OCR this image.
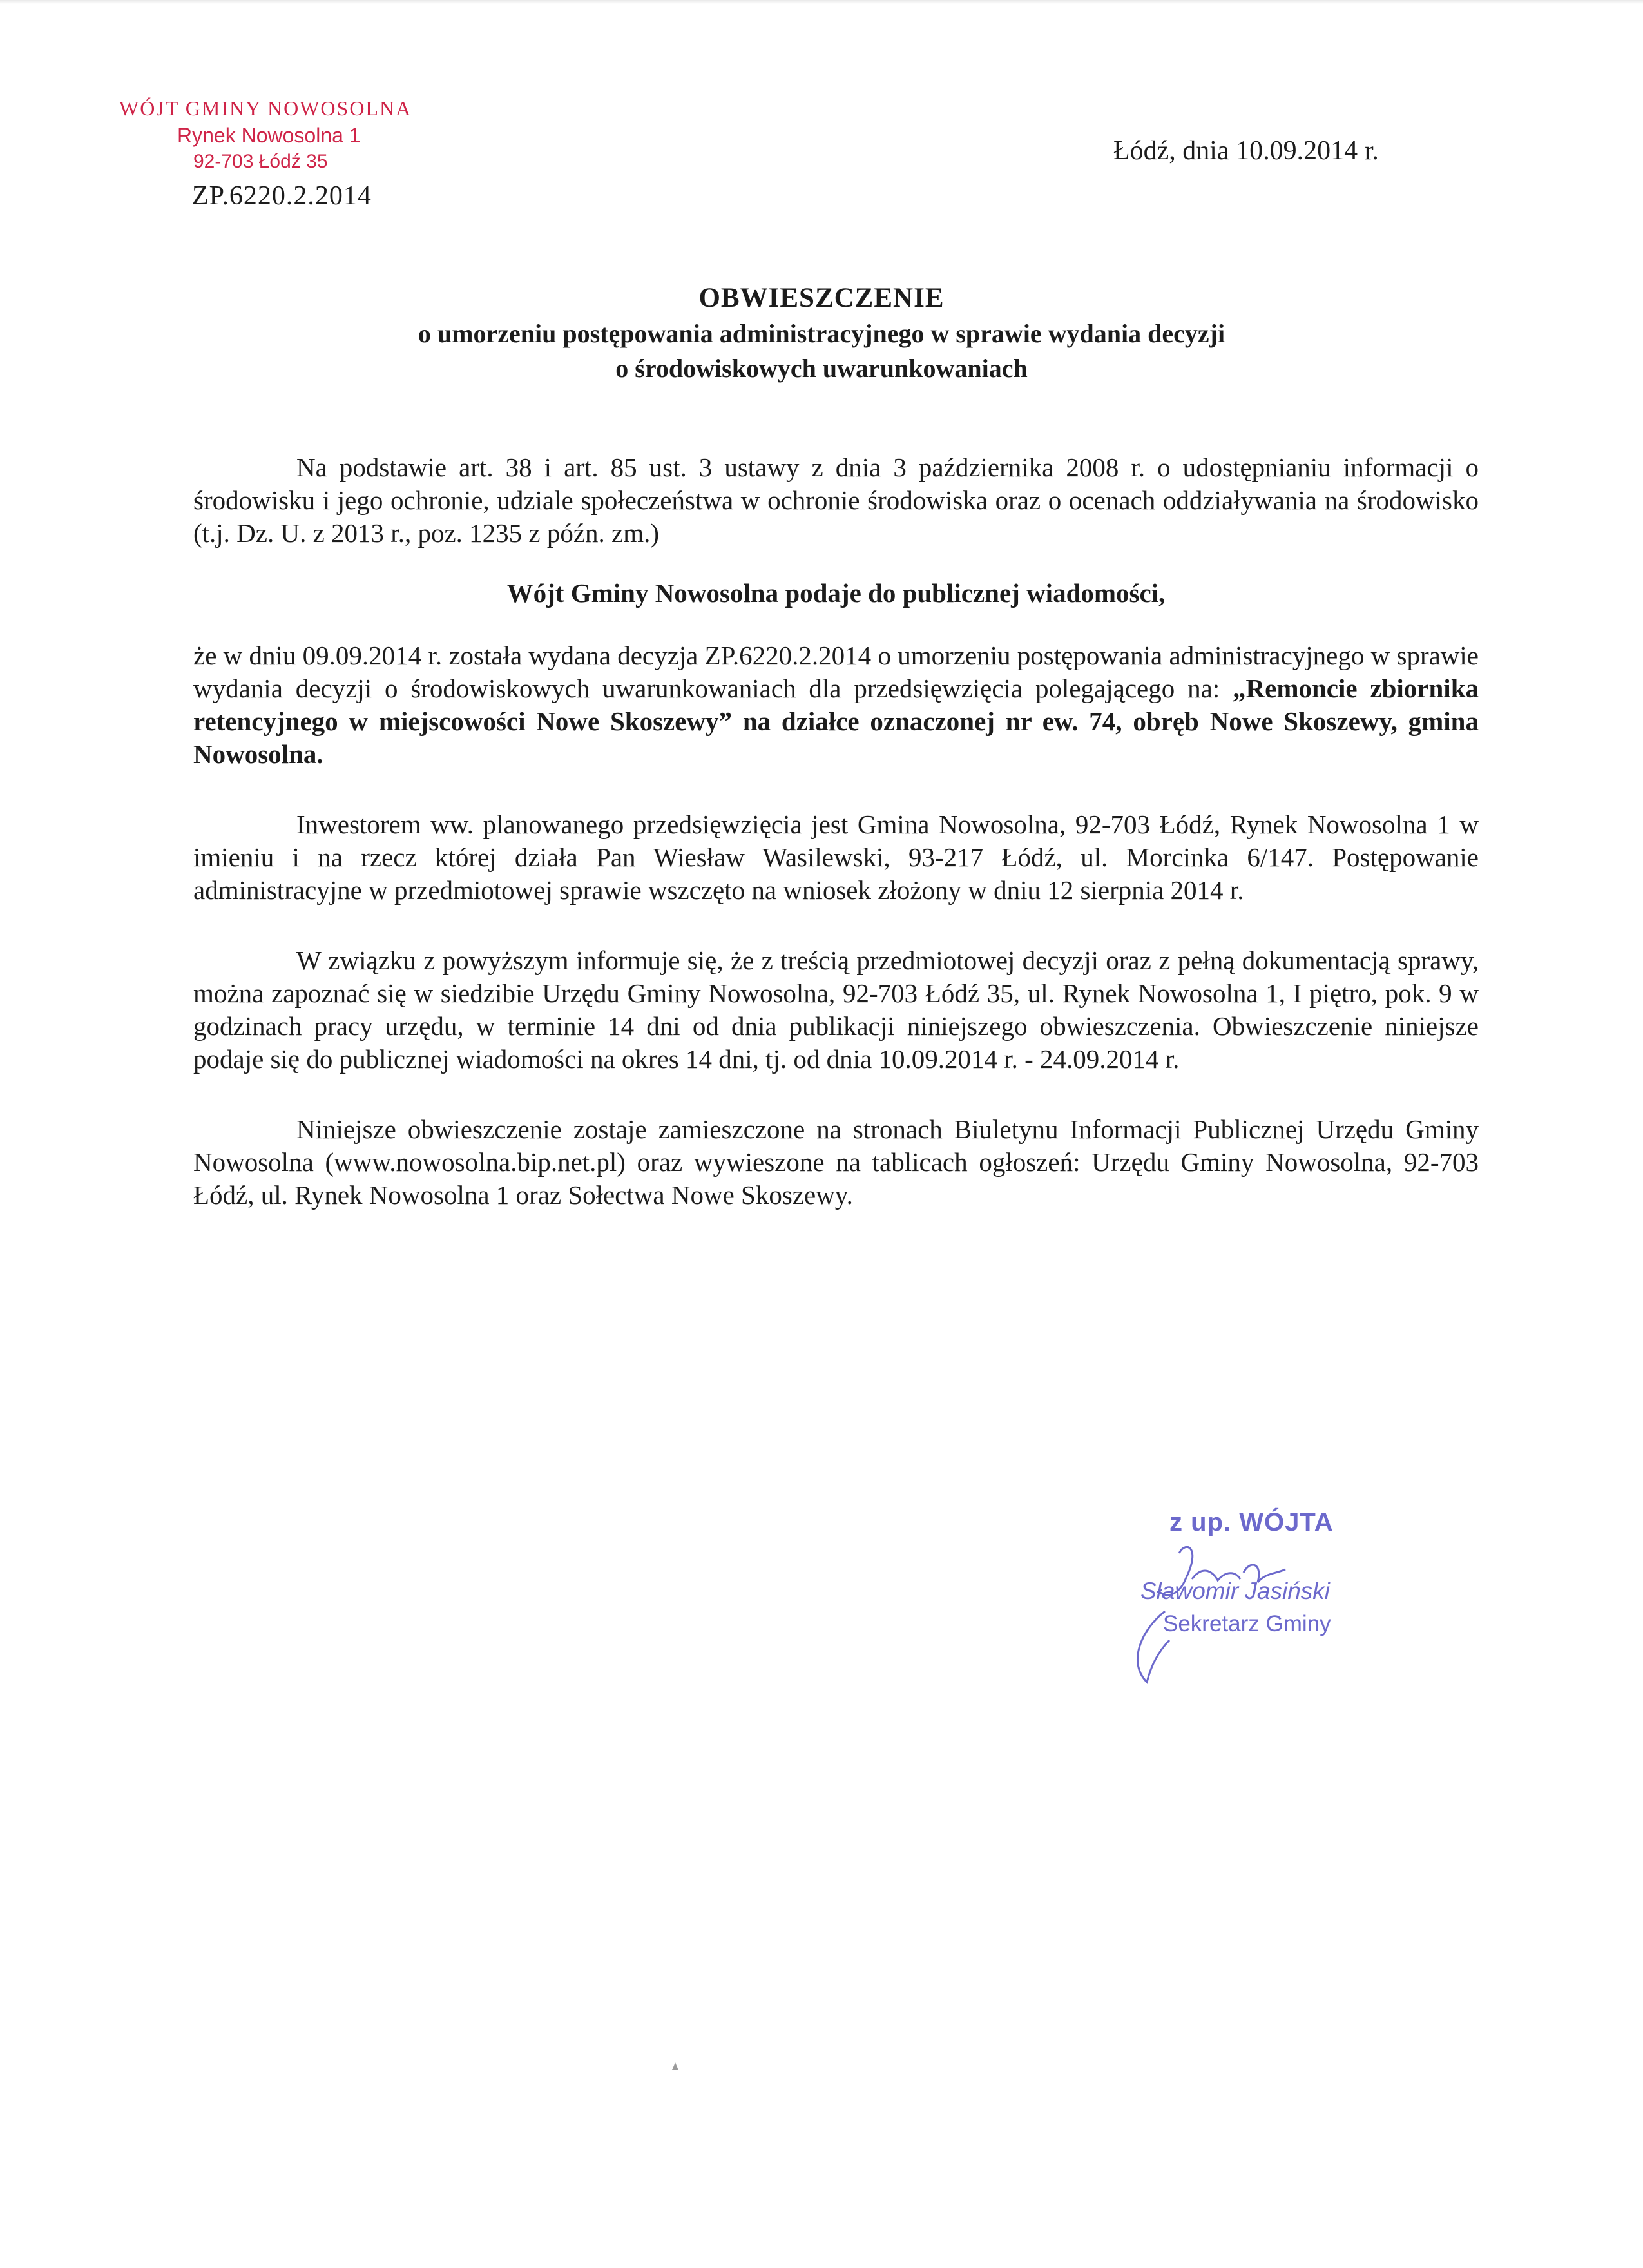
WÓJT GMINY NOWOSOLNA
Rynek Nowosolna 1
92-703 Łódź 35
ZP.6220.2.2014
Łódź, dnia 10.09.2014 r.
OBWIESZCZENIE
o umorzeniu postępowania administracyjnego w sprawie wydania decyzji
o środowiskowych uwarunkowaniach

Na podstawie art. 38 i art. 85 ust. 3 ustawy z dnia 3 października 2008 r. o udostępnianiu informacji o środowisku i jego ochronie, udziale społeczeństwa w ochronie środowiska oraz o ocenach oddziaływania na środowisko (t.j. Dz. U. z 2013 r., poz. 1235 z późn. zm.)

Wójt Gminy Nowosolna podaje do publicznej wiadomości,

że w dniu 09.09.2014 r. została wydana decyzja ZP.6220.2.2014 o umorzeniu postępowania administracyjnego w sprawie wydania decyzji o środowiskowych uwarunkowaniach dla przedsięwzięcia polegającego na: „Remoncie zbiornika retencyjnego w miejscowości Nowe Skoszewy” na działce oznaczonej nr ew. 74, obręb Nowe Skoszewy, gmina Nowosolna.

Inwestorem ww. planowanego przedsięwzięcia jest Gmina Nowosolna, 92-703 Łódź, Rynek Nowosolna 1 w imieniu i na rzecz której działa Pan Wiesław Wasilewski, 93-217 Łódź, ul. Morcinka 6/147. Postępowanie administracyjne w przedmiotowej sprawie wszczęto na wniosek złożony w dniu 12 sierpnia 2014 r.

W związku z powyższym informuje się, że z treścią przedmiotowej decyzji oraz z pełną dokumentacją sprawy, można zapoznać się w siedzibie Urzędu Gminy Nowosolna, 92-703 Łódź 35, ul. Rynek Nowosolna 1, I piętro, pok. 9 w godzinach pracy urzędu, w terminie 14 dni od dnia publikacji niniejszego obwieszczenia. Obwieszczenie niniejsze podaje się do publicznej wiadomości na okres 14 dni, tj. od dnia 10.09.2014 r. - 24.09.2014 r.

Niniejsze obwieszczenie zostaje zamieszczone na stronach Biuletynu Informacji Publicznej Urzędu Gminy Nowosolna (www.nowosolna.bip.net.pl) oraz wywieszone na tablicach ogłoszeń: Urzędu Gminy Nowosolna, 92-703 Łódź, ul. Rynek Nowosolna 1 oraz Sołectwa Nowe Skoszewy.

z up. WÓJTA
Sławomir Jasiński
Sekretarz Gminy
